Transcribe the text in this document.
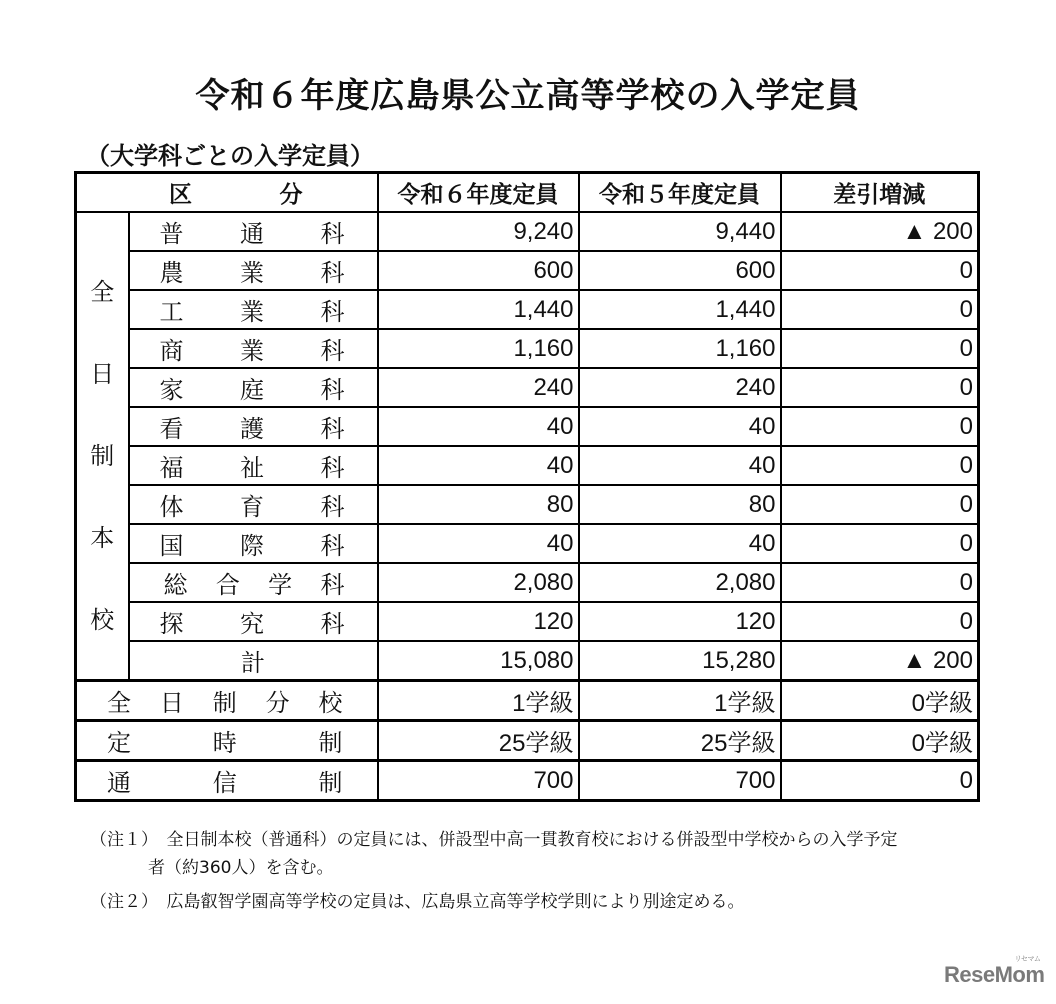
令和６年度広島県公立高等学校の入学定員
（大学科ごとの入学定員）
区 分		令和６年度定員	令和５年度定員	差引増減

全
日
制
本
校	普 通 科	9,240	9,440	▲ 200

	農 業 科	600	600	0

	工 業 科	1,440	1,440	0

	商 業 科	1,160	1,160	0

	家 庭 科	240	240	0

	看 護 科	40	40	0

	福 祉 科	40	40	0

	体 育 科	80	80	0

	国 際 科	40	40	0

	総 合 学 科	2,080	2,080	0

	探 究 科	120	120	0
	計	15,080	15,280	▲ 200

全 日 制 分 校		1学級	1学級	0学級

定 時 制		25学級	25学級	0学級

通 信 制		700	700	0
（注１）　全日制本校（普通科）の定員には、併設型中高一貫教育校における併設型中学校からの入学予定
者（約360人）を含む。
（注２）　広島叡智学園高等学校の定員は、広島県立高等学校学則により別途定める。
ReseMom
リセマム
